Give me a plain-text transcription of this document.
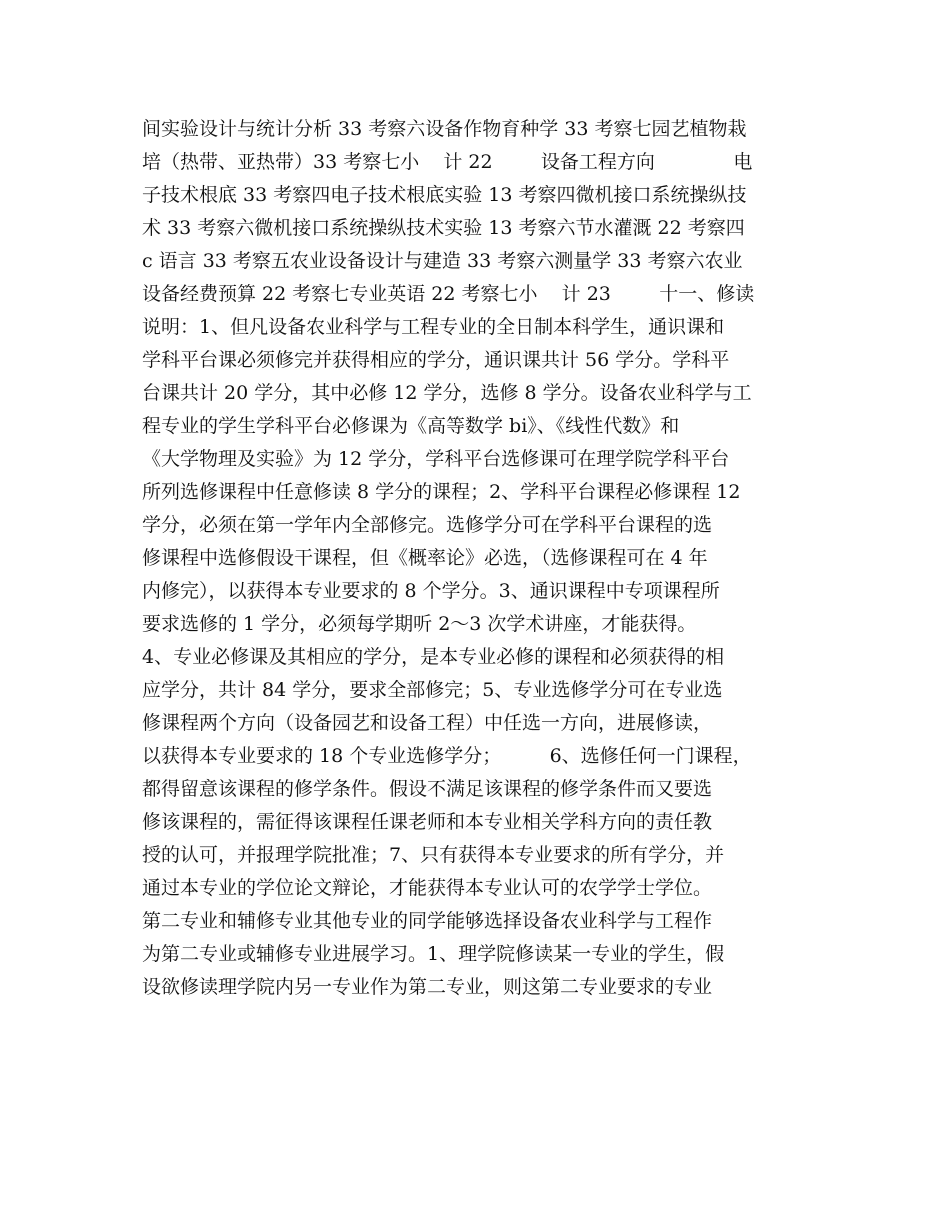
间实验设计与统计分析 33 考察六设备作物育种学 33 考察七园艺植物栽
培（热带、亚热带）33 考察七小    计 22        设备工程方向             电
子技术根底 33 考察四电子技术根底实验 13 考察四微机接口系统操纵技
术 33 考察六微机接口系统操纵技术实验 13 考察六节水灌溉 22 考察四
c 语言 33 考察五农业设备设计与建造 33 考察六测量学 33 考察六农业
设备经费预算 22 考察七专业英语 22 考察七小    计 23        十一、修读
说明：1、但凡设备农业科学与工程专业的全日制本科学生，通识课和
学科平台课必须修完并获得相应的学分，通识课共计 56 学分。学科平
台课共计 20 学分，其中必修 12 学分，选修 8 学分。设备农业科学与工
程专业的学生学科平台必修课为《高等数学 bi》、《线性代数》和
《大学物理及实验》为 12 学分，学科平台选修课可在理学院学科平台
所列选修课程中任意修读 8 学分的课程；2、学科平台课程必修课程 12
学分，必须在第一学年内全部修完。选修学分可在学科平台课程的选
修课程中选修假设干课程，但《概率论》必选，（选修课程可在 4 年
内修完），以获得本专业要求的 8 个学分。3、通识课程中专项课程所
要求选修的 1 学分，必须每学期听 2～3 次学术讲座，才能获得。
4、专业必修课及其相应的学分，是本专业必修的课程和必须获得的相
应学分，共计 84 学分，要求全部修完；5、专业选修学分可在专业选
修课程两个方向（设备园艺和设备工程）中任选一方向，进展修读，
以获得本专业要求的 18 个专业选修学分；        6、选修任何一门课程，
都得留意该课程的修学条件。假设不满足该课程的修学条件而又要选
修该课程的，需征得该课程任课老师和本专业相关学科方向的责任教
授的认可，并报理学院批准；7、只有获得本专业要求的所有学分，并
通过本专业的学位论文辩论，才能获得本专业认可的农学学士学位。
第二专业和辅修专业其他专业的同学能够选择设备农业科学与工程作
为第二专业或辅修专业进展学习。1、理学院修读某一专业的学生，假
设欲修读理学院内另一专业作为第二专业，则这第二专业要求的专业
